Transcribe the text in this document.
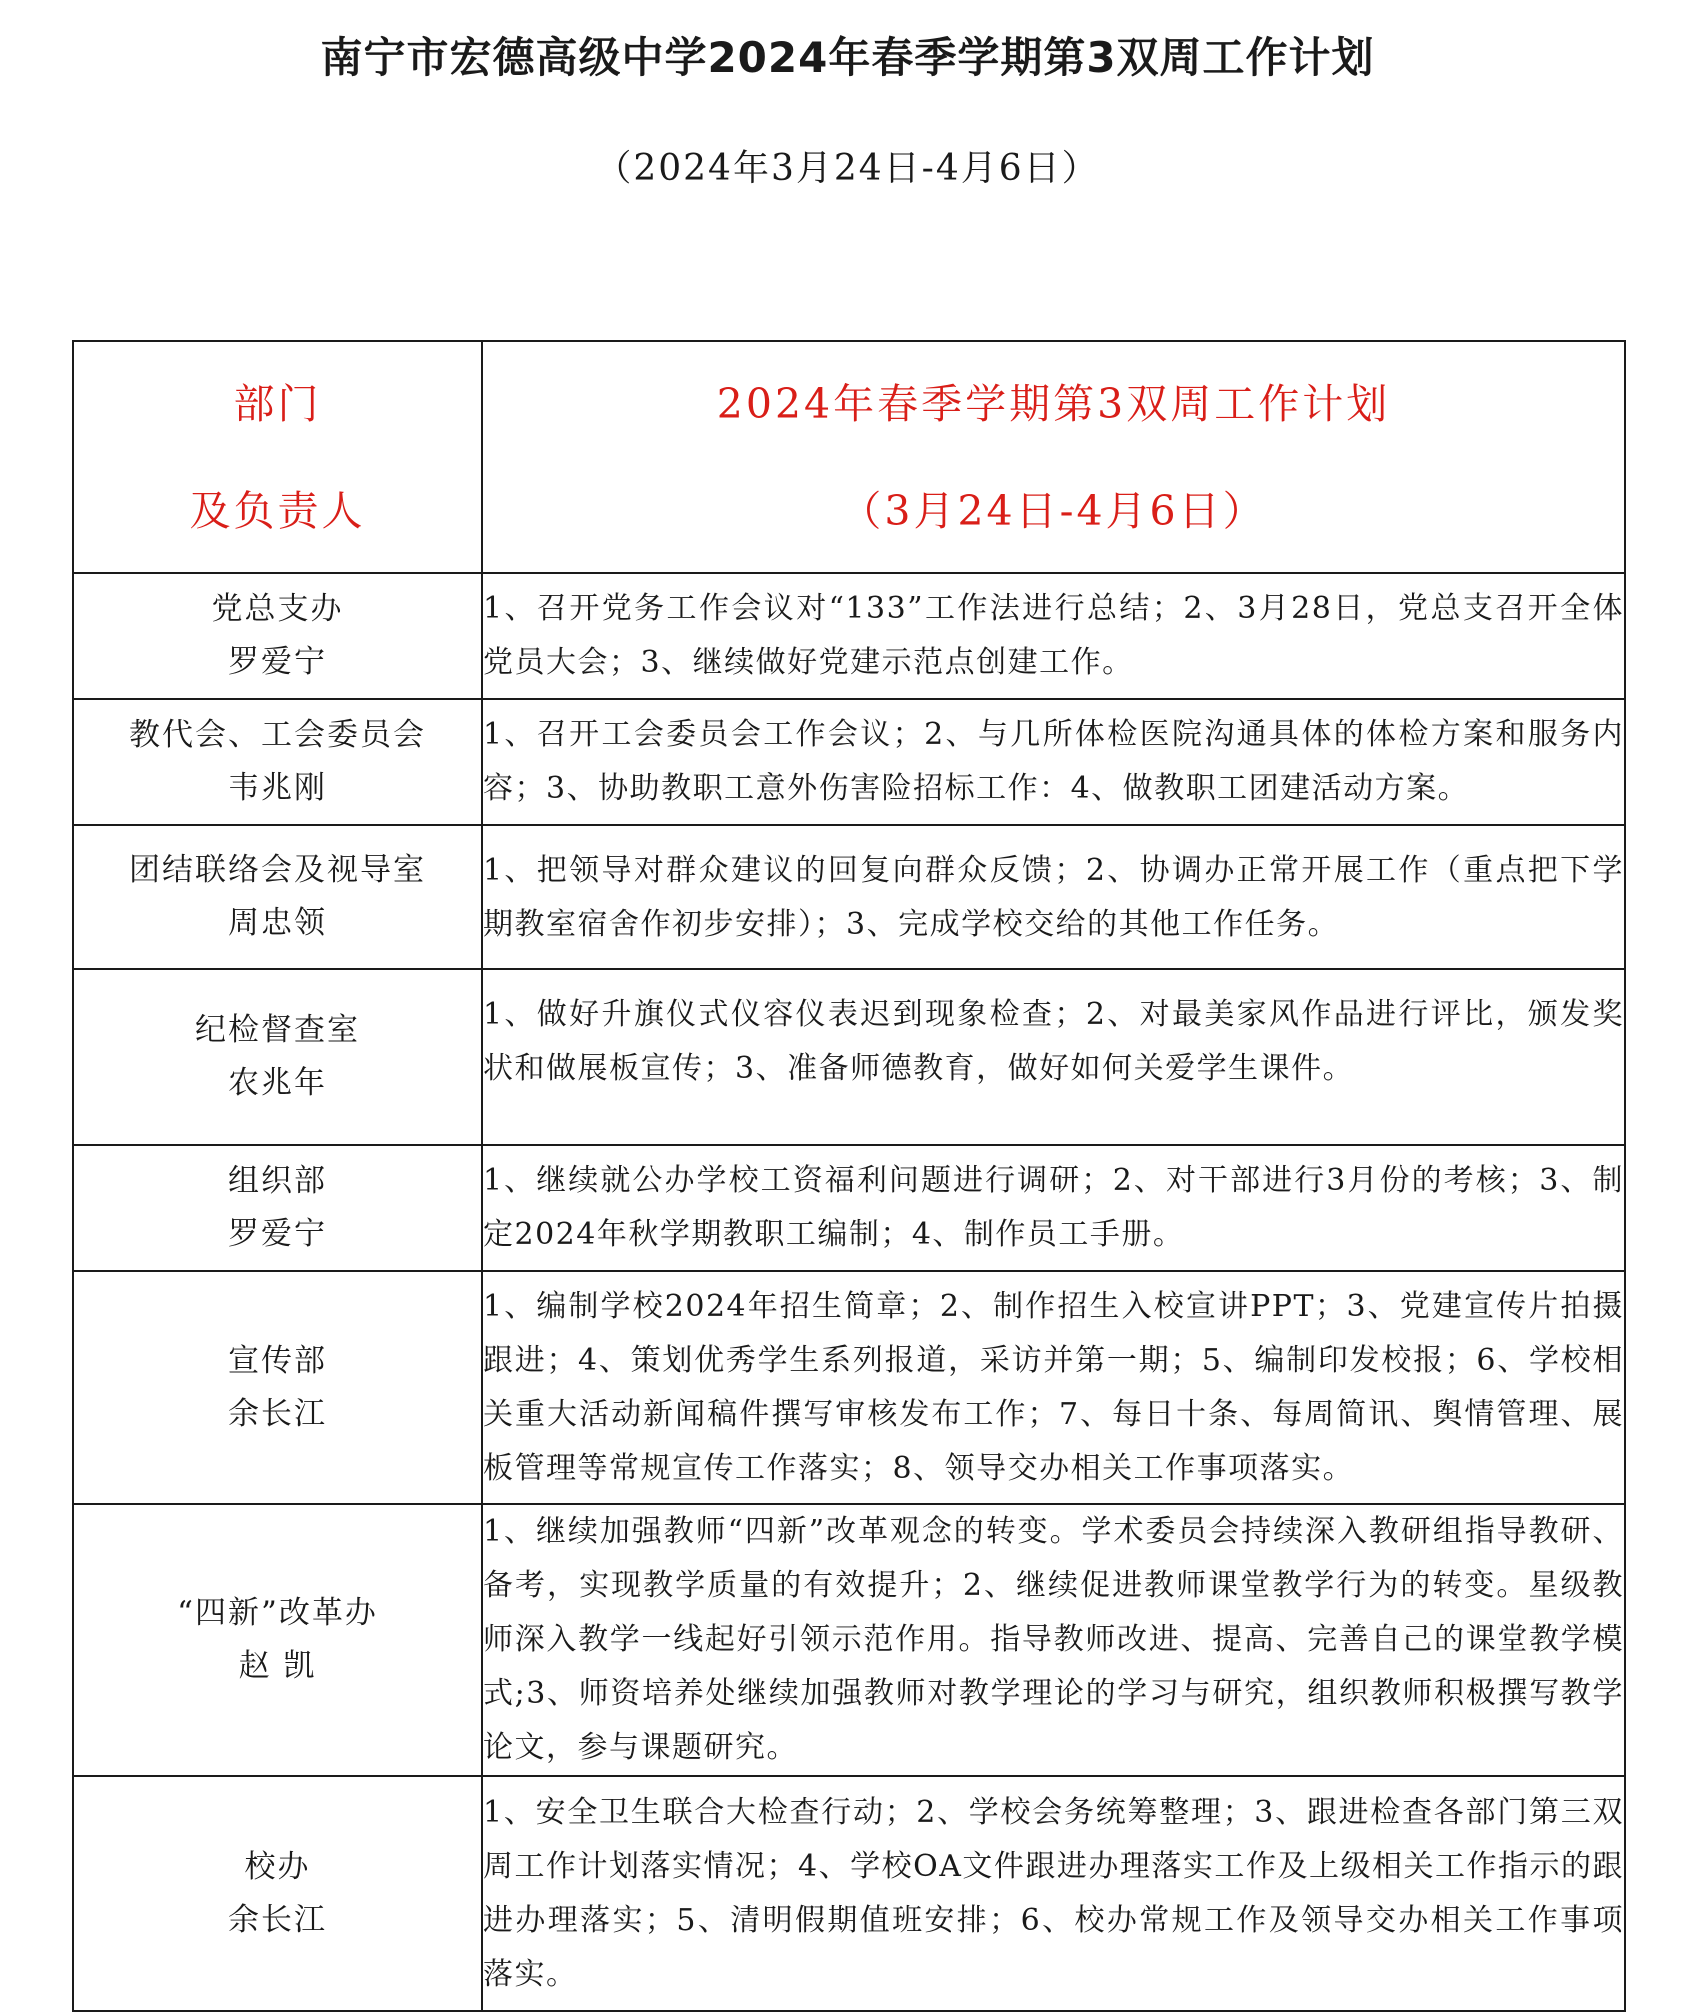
南宁市宏德高级中学2024年春季学期第3双周工作计划

（2024年3月24日-4月6日）

部门
及负责人	2024年春季学期第3双周工作计划
（3月24日-4月6日）

党总支办
罗爱宁	1、召开党务工作会议对“133”工作法进行总结；2、3月28日，党总支召开全体党员大会；3、继续做好党建示范点创建工作。

教代会、工会委员会
韦兆刚	1、召开工会委员会工作会议；2、与几所体检医院沟通具体的体检方案和服务内容；3、协助教职工意外伤害险招标工作：4、做教职工团建活动方案。

团结联络会及视导室
周忠领	1、把领导对群众建议的回复向群众反馈；2、协调办正常开展工作（重点把下学期教室宿舍作初步安排）；3、完成学校交给的其他工作任务。

纪检督查室
农兆年	1、做好升旗仪式仪容仪表迟到现象检查；2、对最美家风作品进行评比，颁发奖状和做展板宣传；3、准备师德教育，做好如何关爱学生课件。

组织部
罗爱宁	1、继续就公办学校工资福利问题进行调研；2、对干部进行3月份的考核；3、制定2024年秋学期教职工编制；4、制作员工手册。

宣传部
余长江	1、编制学校2024年招生简章；2、制作招生入校宣讲PPT；3、党建宣传片拍摄跟进；4、策划优秀学生系列报道，采访并第一期；5、编制印发校报；6、学校相关重大活动新闻稿件撰写审核发布工作；7、每日十条、每周简讯、舆情管理、展板管理等常规宣传工作落实；8、领导交办相关工作事项落实。

“四新”改革办
赵 凯	1、继续加强教师“四新”改革观念的转变。学术委员会持续深入教研组指导教研、备考，实现教学质量的有效提升；2、继续促进教师课堂教学行为的转变。星级教师深入教学一线起好引领示范作用。指导教师改进、提高、完善自己的课堂教学模式;3、师资培养处继续加强教师对教学理论的学习与研究，组织教师积极撰写教学论文，参与课题研究。

校办
余长江	1、安全卫生联合大检查行动；2、学校会务统筹整理；3、跟进检查各部门第三双周工作计划落实情况；4、学校OA文件跟进办理落实工作及上级相关工作指示的跟进办理落实；5、清明假期值班安排；6、校办常规工作及领导交办相关工作事项落实。
